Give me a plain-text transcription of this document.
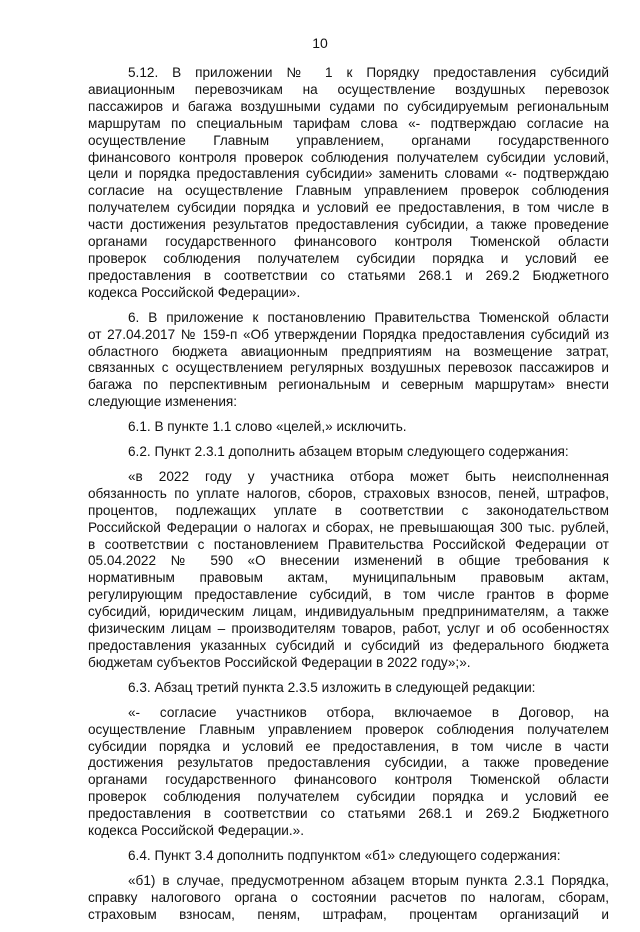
10
5.12. В приложении № 1 к Порядку предоставления субсидий
авиационным перевозчикам на осуществление воздушных перевозок
пассажиров и багажа воздушными судами по субсидируемым региональным
маршрутам по специальным тарифам слова «- подтверждаю согласие на
осуществление Главным управлением, органами государственного
финансового контроля проверок соблюдения получателем субсидии условий,
цели и порядка предоставления субсидии» заменить словами «- подтверждаю
согласие на осуществление Главным управлением проверок соблюдения
получателем субсидии порядка и условий ее предоставления, в том числе в
части достижения результатов предоставления субсидии, а также проведение
органами государственного финансового контроля Тюменской области
проверок соблюдения получателем субсидии порядка и условий ее
предоставления в соответствии со статьями 268.1 и 269.2 Бюджетного
кодекса Российской Федерации».
6. В приложение к постановлению Правительства Тюменской области
от 27.04.2017 № 159-п «Об утверждении Порядка предоставления субсидий из
областного бюджета авиационным предприятиям на возмещение затрат,
связанных с осуществлением регулярных воздушных перевозок пассажиров и
багажа по перспективным региональным и северным маршрутам» внести
следующие изменения:
6.1. В пункте 1.1 слово «целей,» исключить.
6.2. Пункт 2.3.1 дополнить абзацем вторым следующего содержания:
«в 2022 году у участника отбора может быть неисполненная
обязанность по уплате налогов, сборов, страховых взносов, пеней, штрафов,
процентов, подлежащих уплате в соответствии с законодательством
Российской Федерации о налогах и сборах, не превышающая 300 тыс. рублей,
в соответствии с постановлением Правительства Российской Федерации от
05.04.2022 № 590 «О внесении изменений в общие требования к
нормативным правовым актам, муниципальным правовым актам,
регулирующим предоставление субсидий, в том числе грантов в форме
субсидий, юридическим лицам, индивидуальным предпринимателям, а также
физическим лицам – производителям товаров, работ, услуг и об особенностях
предоставления указанных субсидий и субсидий из федерального бюджета
бюджетам субъектов Российской Федерации в 2022 году»;».
6.3. Абзац третий пункта 2.3.5 изложить в следующей редакции:
«- согласие участников отбора, включаемое в Договор, на
осуществление Главным управлением проверок соблюдения получателем
субсидии порядка и условий ее предоставления, в том числе в части
достижения результатов предоставления субсидии, а также проведение
органами государственного финансового контроля Тюменской области
проверок соблюдения получателем субсидии порядка и условий ее
предоставления в соответствии со статьями 268.1 и 269.2 Бюджетного
кодекса Российской Федерации.».
6.4. Пункт 3.4 дополнить подпунктом «б1» следующего содержания:
«б1) в случае, предусмотренном абзацем вторым пункта 2.3.1 Порядка,
справку налогового органа о состоянии расчетов по налогам, сборам,
страховым взносам, пеням, штрафам, процентам организаций и
